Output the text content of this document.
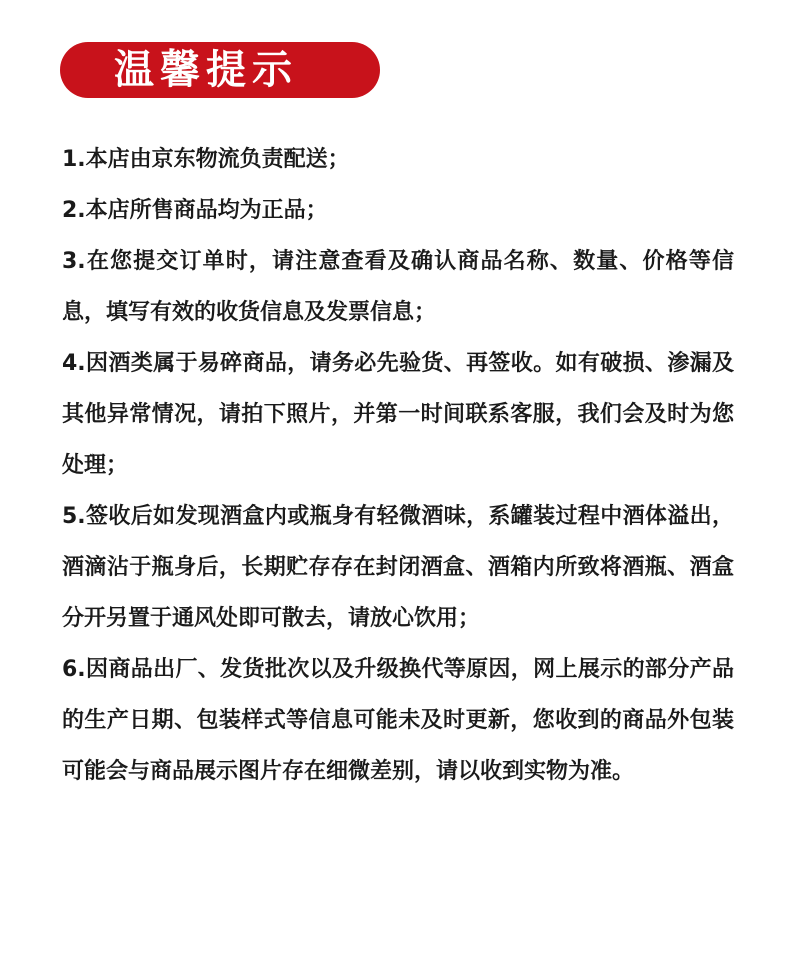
温馨提示

1.本店由京东物流负责配送；

2.本店所售商品均为正品；

3.在您提交订单时，请注意查看及确认商品名称、数量、价格等信息，填写有效的收货信息及发票信息；

4.因酒类属于易碎商品，请务必先验货、再签收。如有破损、渗漏及其他异常情况，请拍下照片，并第一时间联系客服，我们会及时为您处理；

5.签收后如发现酒盒内或瓶身有轻微酒味，系罐装过程中酒体溢出，酒滴沾于瓶身后，长期贮存存在封闭酒盒、酒箱内所致将酒瓶、酒盒分开另置于通风处即可散去，请放心饮用；

6.因商品出厂、发货批次以及升级换代等原因，网上展示的部分产品的生产日期、包装样式等信息可能未及时更新，您收到的商品外包装可能会与商品展示图片存在细微差别，请以收到实物为准。
